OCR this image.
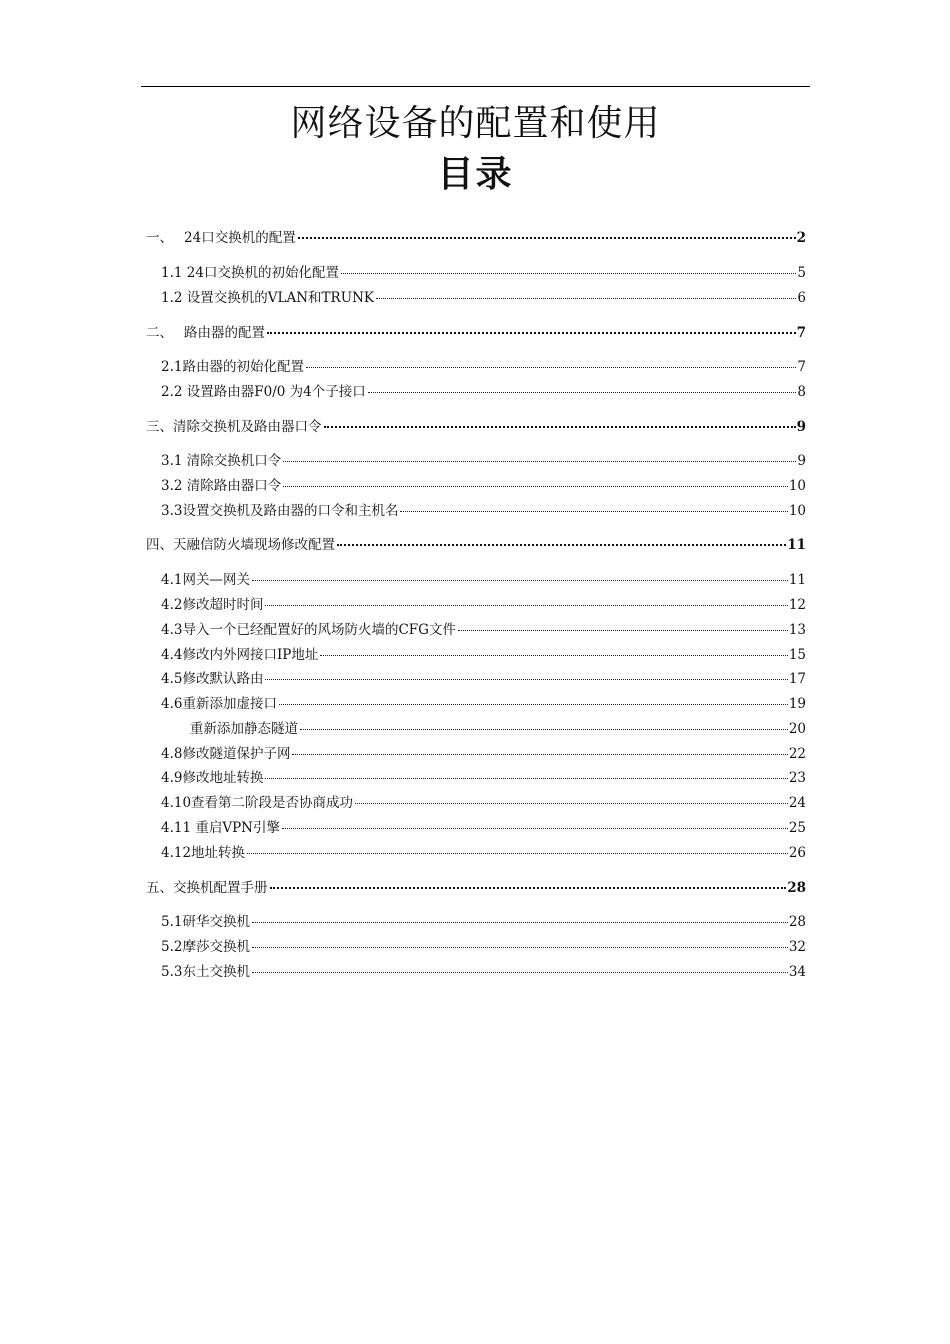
网络设备的配置和使用
目录
一、　 24口交换机的配置	2
1.1 24口交换机的初始化配置	5
1.2 设置交换机的VLAN和TRUNK	6
二、　 路由器的配置	7
2.1路由器的初始化配置	7
2.2 设置路由器F0/0 为4个子接口	8
三、清除交换机及路由器口令	9
3.1 清除交换机口令	9
3.2 清除路由器口令	10
3.3设置交换机及路由器的口令和主机名	10
四、天融信防火墙现场修改配置	11
4.1网关—网关	11
4.2修改超时时间	12
4.3导入一个已经配置好的风场防火墙的CFG文件	13
4.4修改内外网接口IP地址	15
4.5修改默认路由	17
4.6重新添加虚接口	19
重新添加静态隧道	20
4.8修改隧道保护子网	22
4.9修改地址转换	23
4.10查看第二阶段是否协商成功	24
4.11 重启VPN引擎	25
4.12地址转换	26
五、交换机配置手册	28
5.1研华交换机	28
5.2摩莎交换机	32
5.3东土交换机	34
